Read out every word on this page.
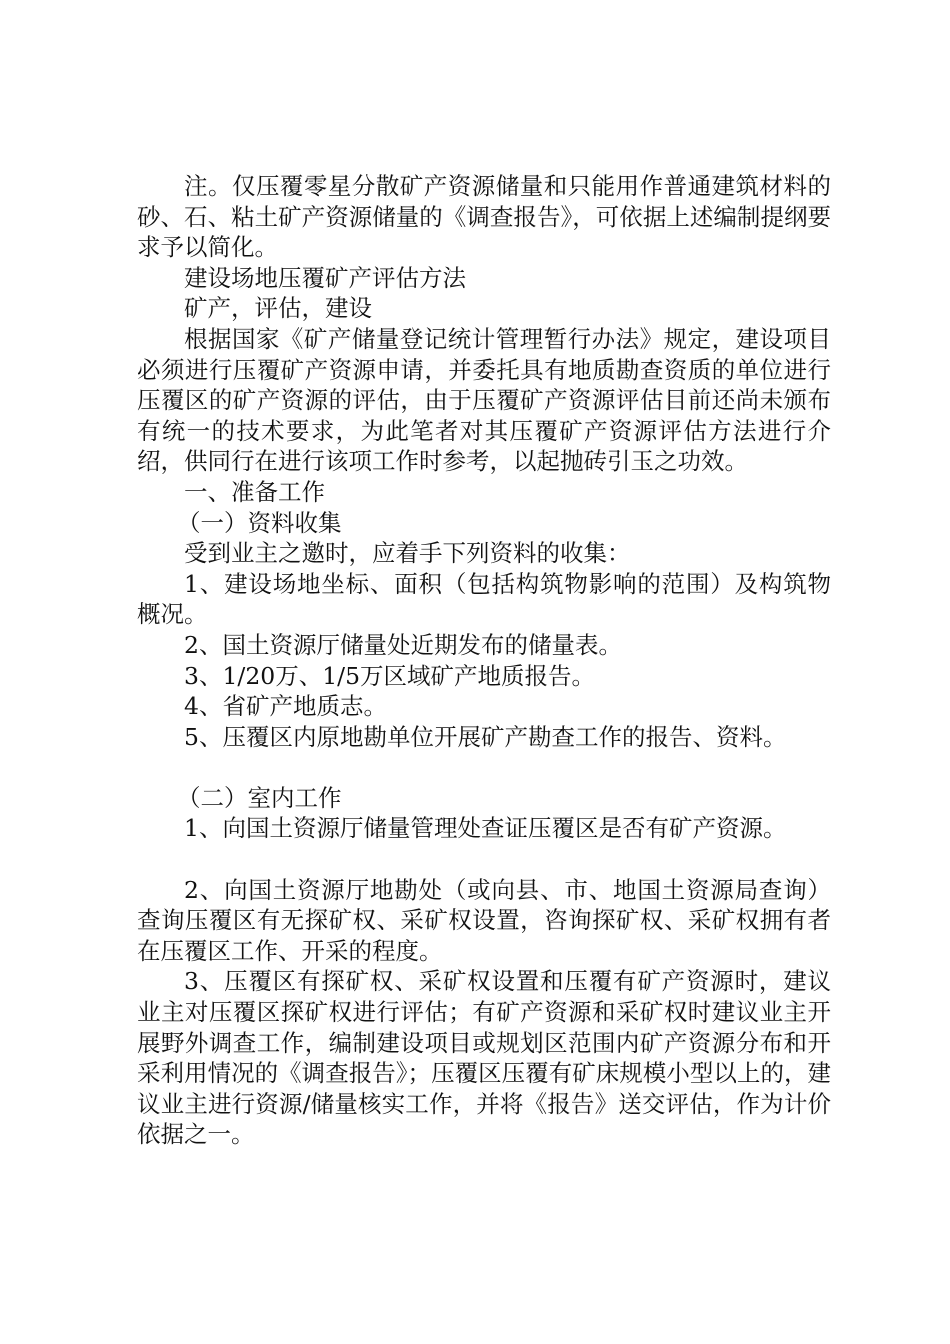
注。仅压覆零星分散矿产资源储量和只能用作普通建筑材料的砂、石、粘土矿产资源储量的《调查报告》，可依据上述编制提纲要求予以简化。

建设场地压覆矿产评估方法

矿产，评估，建设

根据国家《矿产储量登记统计管理暂行办法》规定，建设项目必须进行压覆矿产资源申请，并委托具有地质勘查资质的单位进行压覆区的矿产资源的评估，由于压覆矿产资源评估目前还尚未颁布有统一的技术要求，为此笔者对其压覆矿产资源评估方法进行介绍，供同行在进行该项工作时参考，以起抛砖引玉之功效。

一、准备工作

（一）资料收集

受到业主之邀时，应着手下列资料的收集：

1、建设场地坐标、面积（包括构筑物影响的范围）及构筑物概况。

2、国土资源厅储量处近期发布的储量表。

3、1/20万、1/5万区域矿产地质报告。

4、省矿产地质志。

5、压覆区内原地勘单位开展矿产勘查工作的报告、资料。

（二）室内工作

1、向国土资源厅储量管理处查证压覆区是否有矿产资源。

2、向国土资源厅地勘处（或向县、市、地国土资源局查询）查询压覆区有无探矿权、采矿权设置，咨询探矿权、采矿权拥有者在压覆区工作、开采的程度。

3、压覆区有探矿权、采矿权设置和压覆有矿产资源时，建议业主对压覆区探矿权进行评估；有矿产资源和采矿权时建议业主开展野外调查工作，编制建设项目或规划区范围内矿产资源分布和开采利用情况的《调查报告》；压覆区压覆有矿床规模小型以上的，建议业主进行资源/储量核实工作，并将《报告》送交评估，作为计价依据之一。
